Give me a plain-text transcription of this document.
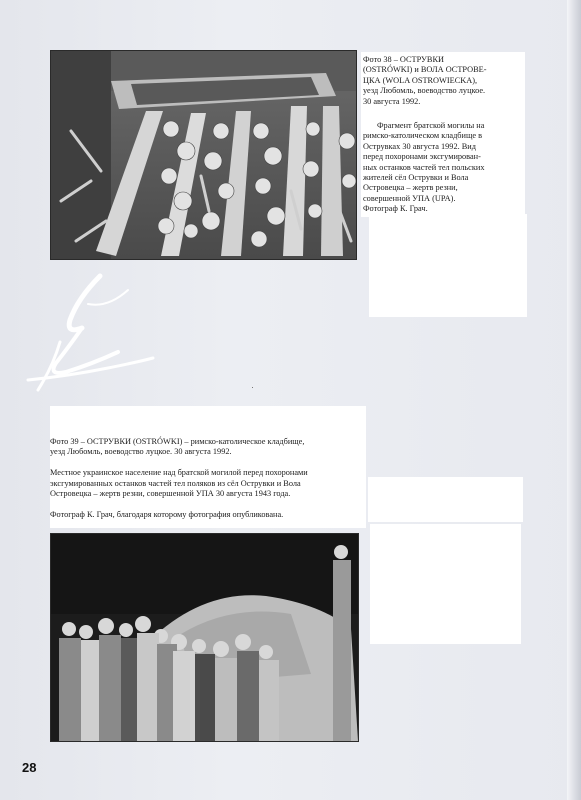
Фото 38 – ОСТРУВКИ
(OSTRÓWKI) и ВОЛА ОСТРОВЕ-
ЦКА (WOLA OSTROWIECKA),
уезд Любомль, воеводство луцкое.
30 августа 1992.
Фрагмент братской могилы на
римско-католическом кладбище в
Острувках 30 августа 1992. Вид
перед похоронами эксгумирован-
ных останков частей тел польских
жителей сёл Острувки и Вола
Островецка – жертв резни,
совершенной УПА (UPA).
Фотограф К. Грач.
Фото 39 – ОСТРУВКИ (OSTRÓWKI) – римско-католическое кладбище,
уезд Любомль, воеводство луцкое. 30 августа 1992.

Местное украинское население над братской могилой перед похоронами
эксгумированных останков частей тел поляков из сёл Острувки и Вола
Островецка – жертв резни, совершенной УПА 30 августа 1943 года.

Фотограф К. Грач, благодаря которому фотография опубликована.
28
